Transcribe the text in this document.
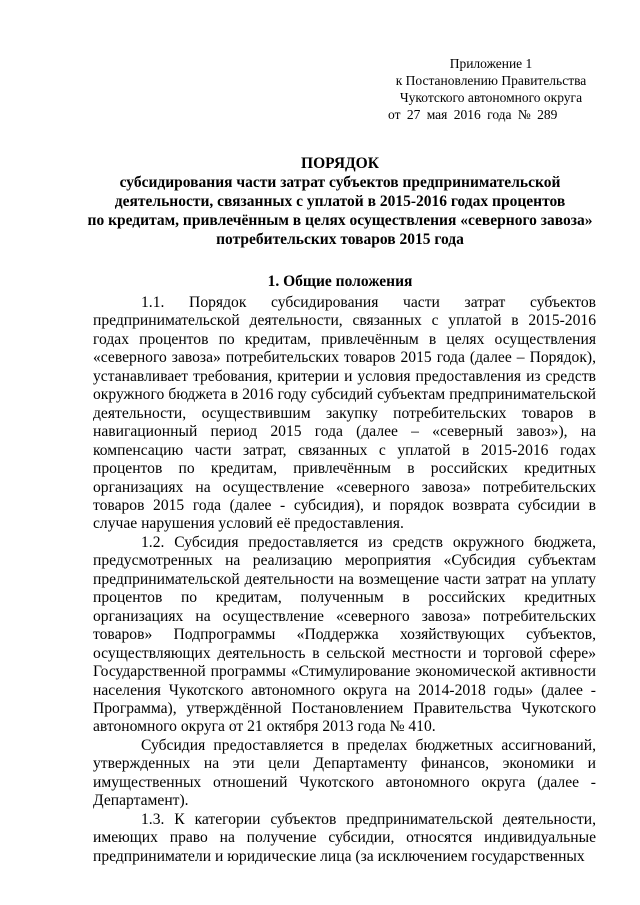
Приложение 1
к Постановлению Правительства
Чукотского автономного округа
от 27 мая 2016 года № 289
ПОРЯДОК
субсидирования части затрат субъектов предпринимательской
деятельности, связанных с уплатой в 2015-2016 годах процентов
по кредитам, привлечённым в целях осуществления «северного завоза»
потребительских товаров 2015 года
1. Общие положения

1.1. Порядок субсидирования части затрат субъектов предпринимательской деятельности, связанных с уплатой в 2015-2016 годах процентов по кредитам, привлечённым в целях осуществления «северного завоза» потребительских товаров 2015 года (далее – Порядок), устанавливает требования, критерии и условия предоставления из средств окружного бюджета в 2016 году субсидий субъектам предпринимательской деятельности, осуществившим закупку потребительских товаров в навигационный период 2015 года (далее – «северный завоз»), на компенсацию части затрат, связанных с уплатой в 2015-2016 годах процентов по кредитам, привлечённым в российских кредитных организациях на осуществление «северного завоза» потребительских товаров 2015 года (далее - субсидия), и порядок возврата субсидии в случае нарушения условий её предоставления.

1.2. Субсидия предоставляется из средств окружного бюджета, предусмотренных на реализацию мероприятия «Субсидия субъектам предпринимательской деятельности на возмещение части затрат на уплату процентов по кредитам, полученным в российских кредитных организациях на осуществление «северного завоза» потребительских товаров» Подпрограммы «Поддержка хозяйствующих субъектов, осуществляющих деятельность в сельской местности и торговой сфере» Государственной программы «Стимулирование экономической активности населения Чукотского автономного округа на 2014-2018 годы» (далее - Программа), утверждённой Постановлением Правительства Чукотского автономного округа от 21 октября 2013 года № 410.

Субсидия предоставляется в пределах бюджетных ассигнований, утвержденных на эти цели Департаменту финансов, экономики и имущественных отношений Чукотского автономного округа (далее - Департамент).

1.3. К категории субъектов предпринимательской деятельности, имеющих право на получение субсидии, относятся индивидуальные предприниматели и юридические лица (за исключением государственных
